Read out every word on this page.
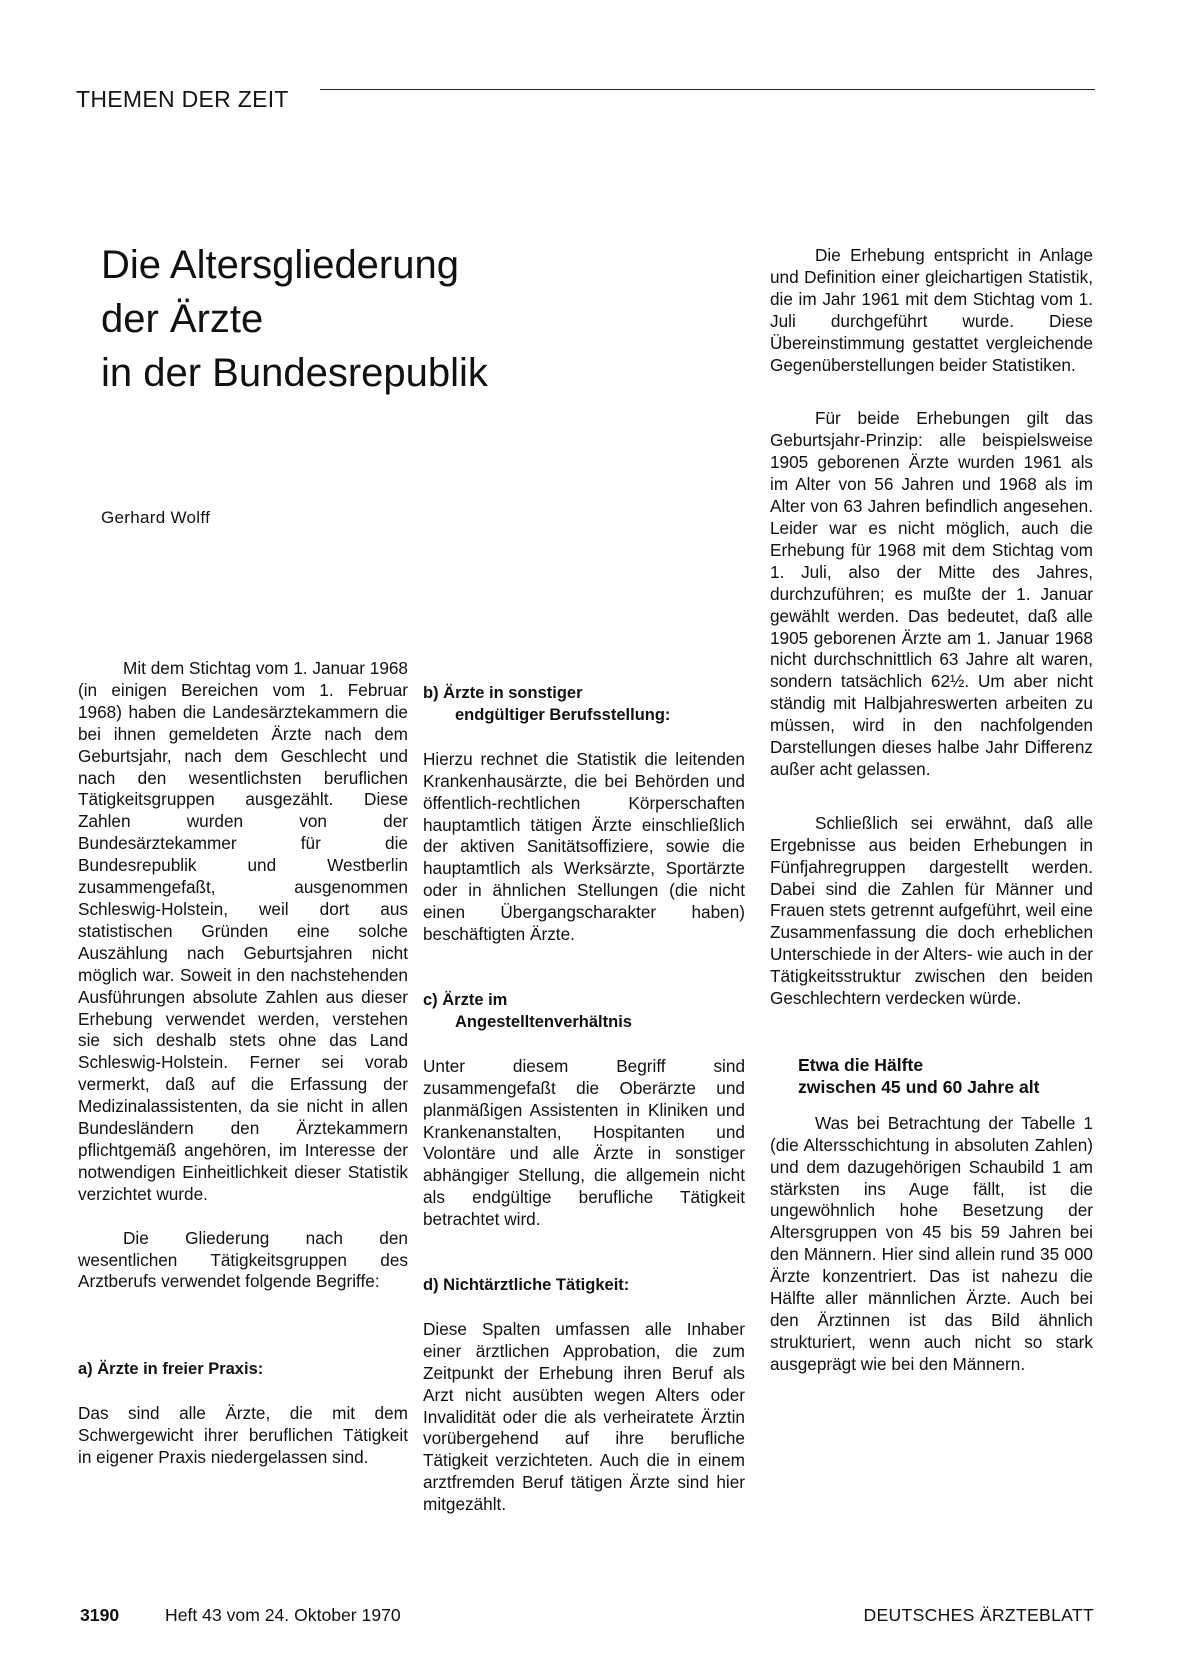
THEMEN DER ZEIT
Die Altersgliederung
der Ärzte
in der Bundesrepublik
Gerhard Wolff

Mit dem Stichtag vom 1. Januar 1968 (in einigen Bereichen vom 1. Februar 1968) haben die Landesärztekammern die bei ihnen gemeldeten Ärzte nach dem Geburtsjahr, nach dem Geschlecht und nach den wesentlichsten beruflichen Tätigkeitsgruppen ausgezählt. Diese Zahlen wurden von der Bundesärztekammer für die Bundesrepublik und Westberlin zusammengefaßt, ausgenommen Schleswig-Holstein, weil dort aus statistischen Gründen eine solche Auszählung nach Geburtsjahren nicht möglich war. Soweit in den nachstehenden Ausführungen absolute Zahlen aus dieser Erhebung verwendet werden, verstehen sie sich deshalb stets ohne das Land Schleswig-Holstein. Ferner sei vorab vermerkt, daß auf die Erfassung der Medizinalassistenten, da sie nicht in allen Bundesländern den Ärztekammern pflichtgemäß angehören, im Interesse der notwendigen Einheitlichkeit dieser Statistik verzichtet wurde.

Die Gliederung nach den wesentlichen Tätigkeitsgruppen des Arztberufs verwendet folgende Begriffe:

a) Ärzte in freier Praxis:

Das sind alle Ärzte, die mit dem Schwergewicht ihrer beruflichen Tätigkeit in eigener Praxis niedergelassen sind.

b) Ärzte in sonstiger
endgültiger Berufsstellung:

Hierzu rechnet die Statistik die leitenden Krankenhausärzte, die bei Behörden und öffentlich-rechtlichen Körperschaften hauptamtlich tätigen Ärzte einschließlich der aktiven Sanitätsoffiziere, sowie die hauptamtlich als Werksärzte, Sportärzte oder in ähnlichen Stellungen (die nicht einen Übergangscharakter haben) beschäftigten Ärzte.

c) Ärzte im
Angestelltenverhältnis

Unter diesem Begriff sind zusammengefaßt die Oberärzte und planmäßigen Assistenten in Kliniken und Krankenanstalten, Hospitanten und Volontäre und alle Ärzte in sonstiger abhängiger Stellung, die allgemein nicht als endgültige berufliche Tätigkeit betrachtet wird.

d) Nichtärztliche Tätigkeit:

Diese Spalten umfassen alle Inhaber einer ärztlichen Approbation, die zum Zeitpunkt der Erhebung ihren Beruf als Arzt nicht ausübten wegen Alters oder Invalidität oder die als verheiratete Ärztin vorübergehend auf ihre berufliche Tätigkeit verzichteten. Auch die in einem arztfremden Beruf tätigen Ärzte sind hier mitgezählt.

Die Erhebung entspricht in Anlage und Definition einer gleichartigen Statistik, die im Jahr 1961 mit dem Stichtag vom 1. Juli durchgeführt wurde. Diese Übereinstimmung gestattet vergleichende Gegenüberstellungen beider Statistiken.

Für beide Erhebungen gilt das Geburtsjahr-Prinzip: alle beispielsweise 1905 geborenen Ärzte wurden 1961 als im Alter von 56 Jahren und 1968 als im Alter von 63 Jahren befindlich angesehen. Leider war es nicht möglich, auch die Erhebung für 1968 mit dem Stichtag vom 1. Juli, also der Mitte des Jahres, durchzuführen; es mußte der 1. Januar gewählt werden. Das bedeutet, daß alle 1905 geborenen Ärzte am 1. Januar 1968 nicht durchschnittlich 63 Jahre alt waren, sondern tatsächlich 62½. Um aber nicht ständig mit Halbjahreswerten arbeiten zu müssen, wird in den nachfolgenden Darstellungen dieses halbe Jahr Differenz außer acht gelassen.

Schließlich sei erwähnt, daß alle Ergebnisse aus beiden Erhebungen in Fünfjahregruppen dargestellt werden. Dabei sind die Zahlen für Männer und Frauen stets getrennt aufgeführt, weil eine Zusammenfassung die doch erheblichen Unterschiede in der Alters- wie auch in der Tätigkeitsstruktur zwischen den beiden Geschlechtern verdecken würde.

Etwa die Hälfte
zwischen 45 und 60 Jahre alt

Was bei Betrachtung der Tabelle 1 (die Altersschichtung in absoluten Zahlen) und dem dazugehörigen Schaubild 1 am stärksten ins Auge fällt, ist die ungewöhnlich hohe Besetzung der Altersgruppen von 45 bis 59 Jahren bei den Männern. Hier sind allein rund 35 000 Ärzte konzentriert. Das ist nahezu die Hälfte aller männlichen Ärzte. Auch bei den Ärztinnen ist das Bild ähnlich strukturiert, wenn auch nicht so stark ausgeprägt wie bei den Männern.

3190	Heft 43 vom 24. Oktober 1970	DEUTSCHES ÄRZTEBLATT
